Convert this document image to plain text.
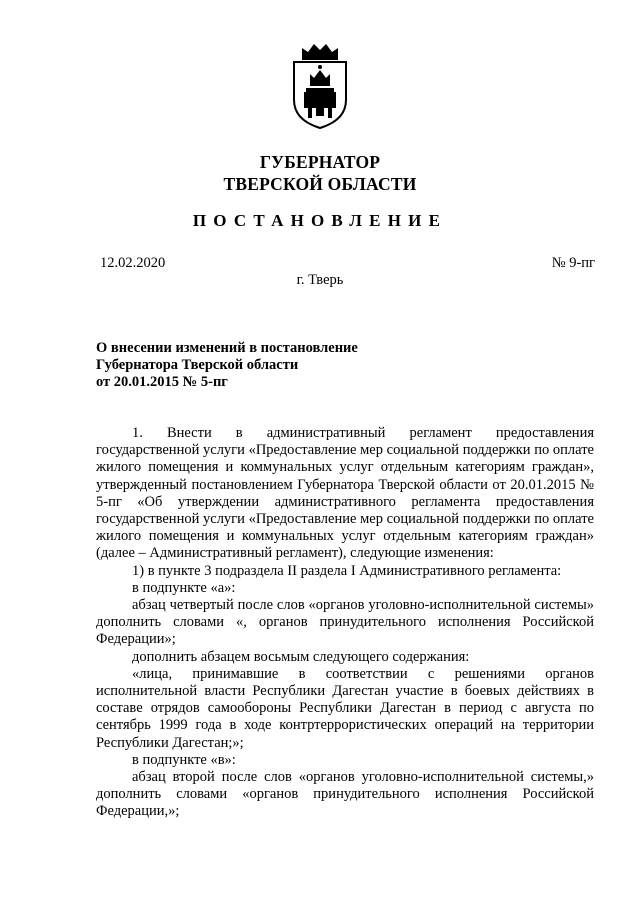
ГУБЕРНАТОР
ТВЕРСКОЙ ОБЛАСТИ
ПОСТАНОВЛЕНИЕ
12.02.2020	№ 9-пг
г. Тверь
О внесении изменений в постановление
Губернатора Тверской области
от 20.01.2015 № 5-пг

1. Внести в административный регламент предоставления государственной услуги «Предоставление мер социальной поддержки по оплате жилого помещения и коммунальных услуг отдельным категориям граждан», утвержденный постановлением Губернатора Тверской области от 20.01.2015 № 5-пг «Об утверждении административного регламента предоставления государственной услуги «Предоставление мер социальной поддержки по оплате жилого помещения и коммунальных услуг отдельным категориям граждан» (далее – Административный регламент), следующие изменения:

1) в пункте 3 подраздела II раздела I Административного регламента:

в подпункте «а»:

абзац четвертый после слов «органов уголовно-исполнительной системы» дополнить словами «, органов принудительного исполнения Российской Федерации»;

дополнить абзацем восьмым следующего содержания:

«лица, принимавшие в соответствии с решениями органов исполнительной власти Республики Дагестан участие в боевых действиях в составе отрядов самообороны Республики Дагестан в период с августа по сентябрь 1999 года в ходе контртеррористических операций на территории Республики Дагестан;»;

в подпункте «в»:

абзац второй после слов «органов уголовно-исполнительной системы,» дополнить словами «органов принудительного исполнения Российской Федерации,»;
